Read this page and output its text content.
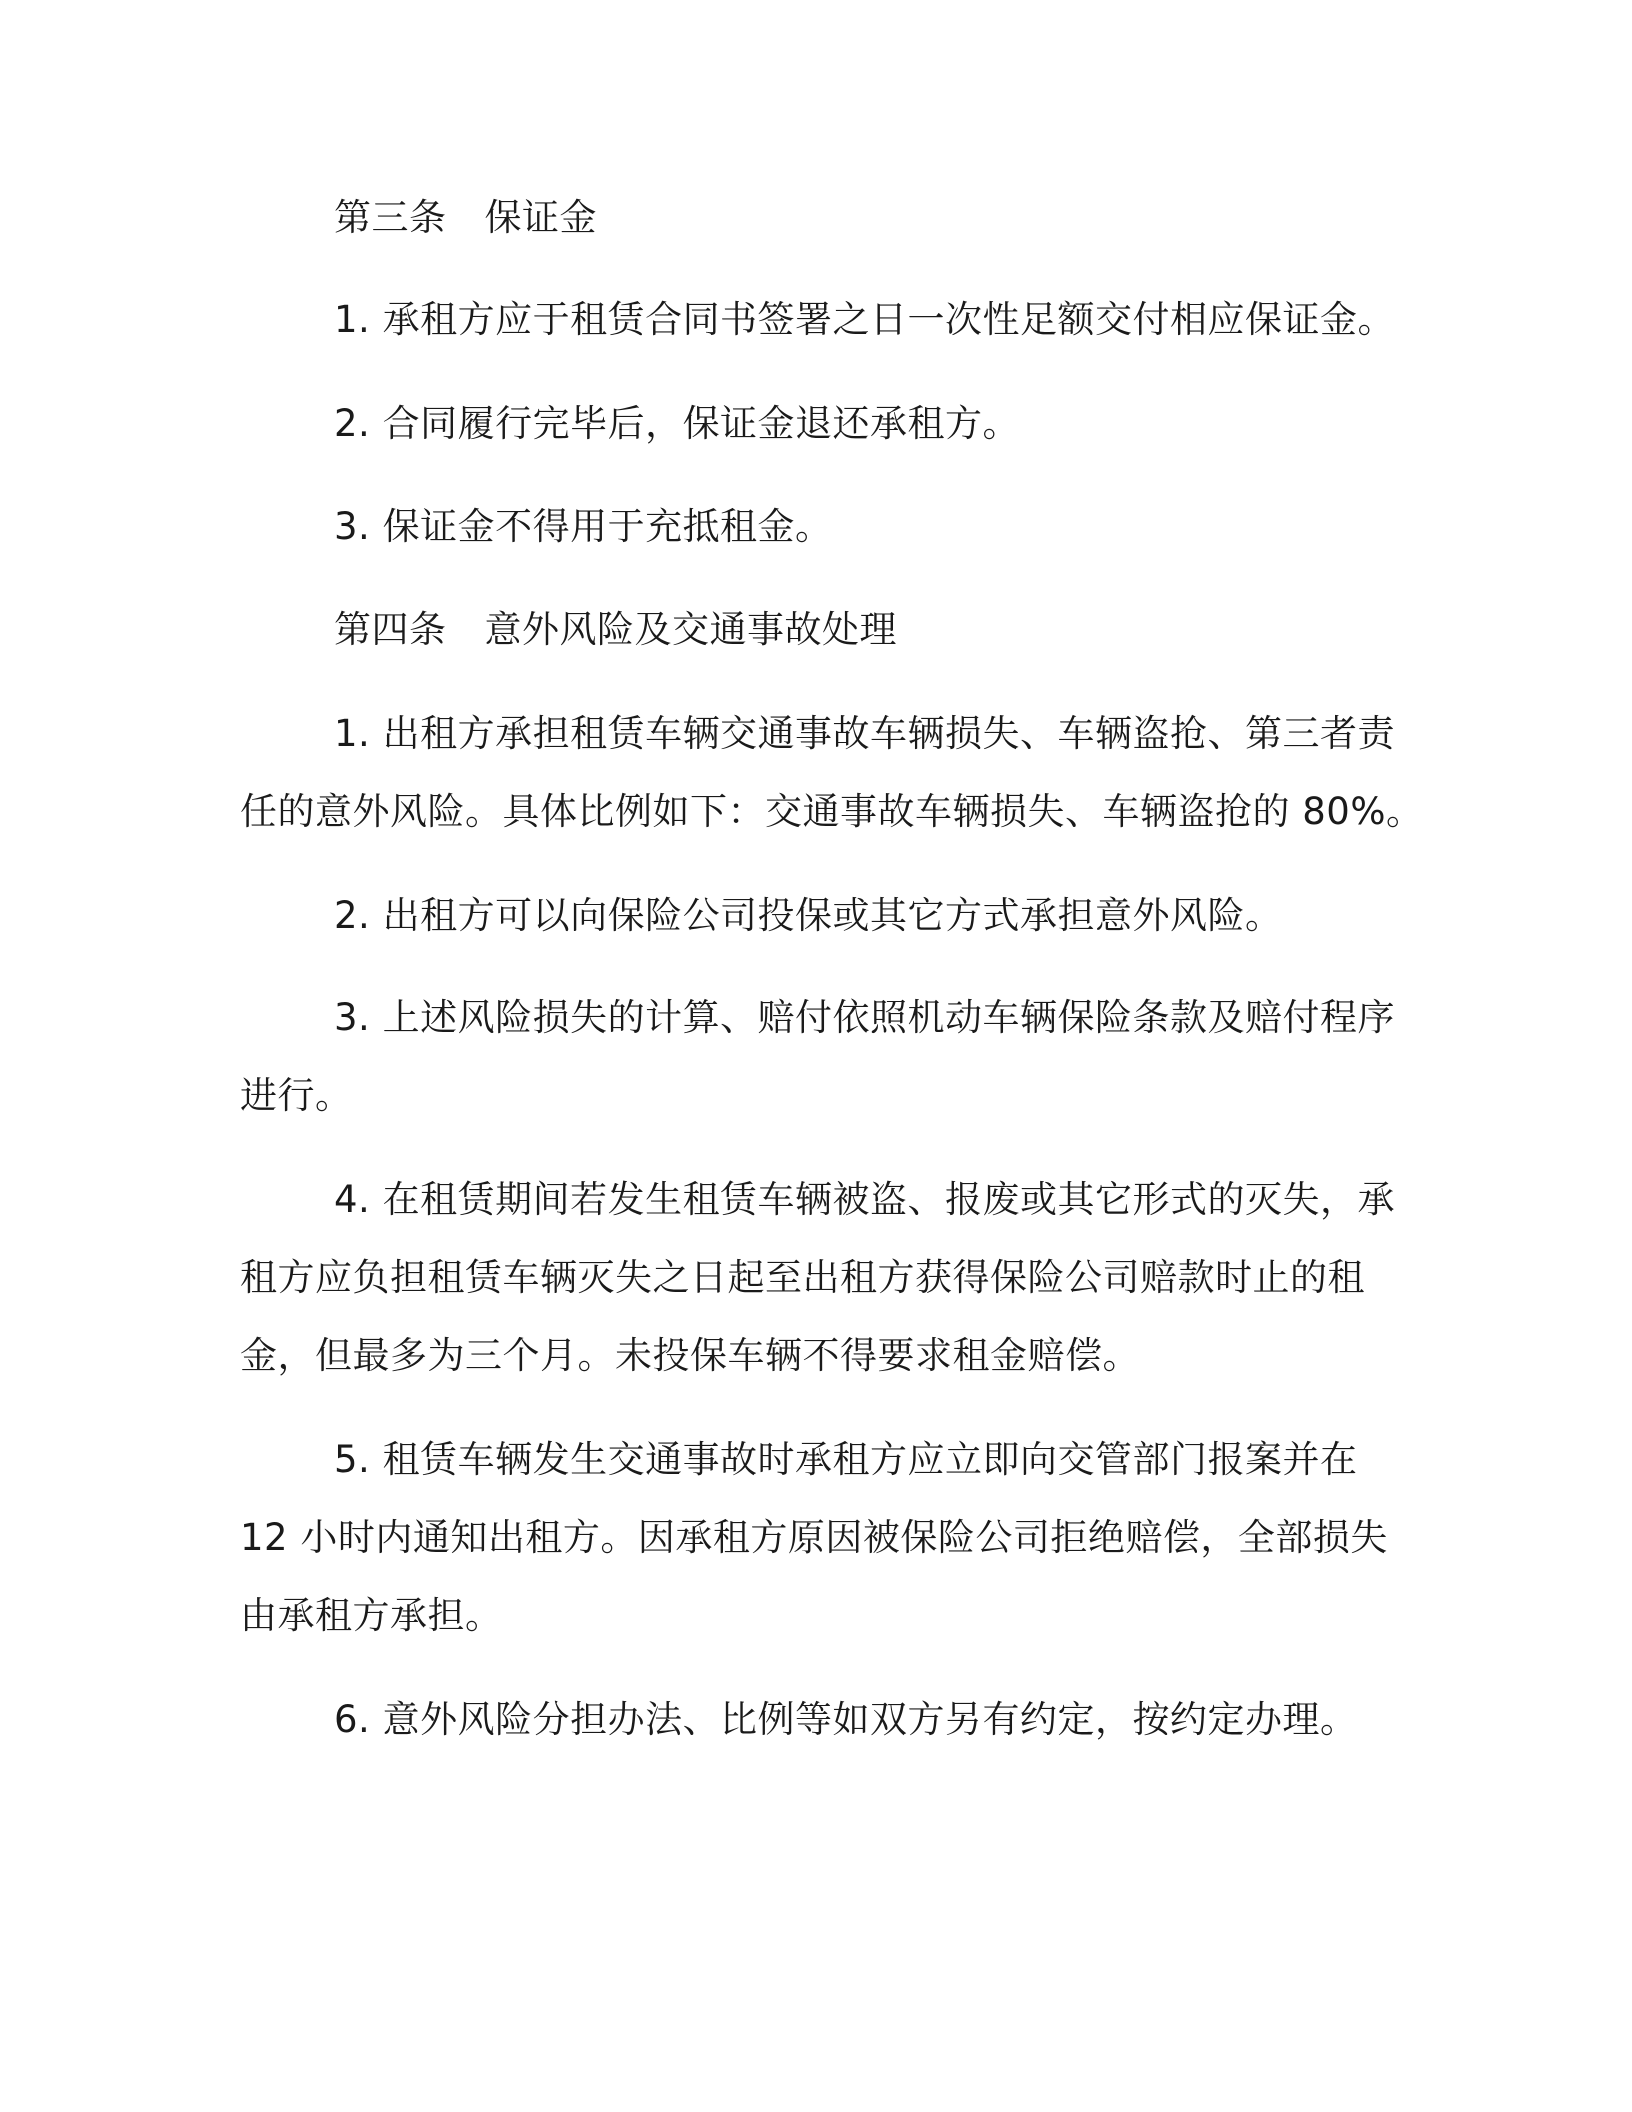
第三条 保证金
1. 承租方应于租赁合同书签署之日一次性足额交付相应保证金。
2. 合同履行完毕后，保证金退还承租方。
3. 保证金不得用于充抵租金。
第四条 意外风险及交通事故处理
1. 出租方承担租赁车辆交通事故车辆损失、车辆盗抢、第三者责
任的意外风险。具体比例如下：交通事故车辆损失、车辆盗抢的 80%。
2. 出租方可以向保险公司投保或其它方式承担意外风险。
3. 上述风险损失的计算、赔付依照机动车辆保险条款及赔付程序
进行。
4. 在租赁期间若发生租赁车辆被盗、报废或其它形式的灭失，承
租方应负担租赁车辆灭失之日起至出租方获得保险公司赔款时止的租
金，但最多为三个月。未投保车辆不得要求租金赔偿。
5. 租赁车辆发生交通事故时承租方应立即向交管部门报案并在
12 小时内通知出租方。因承租方原因被保险公司拒绝赔偿，全部损失
由承租方承担。
6. 意外风险分担办法、比例等如双方另有约定，按约定办理。
